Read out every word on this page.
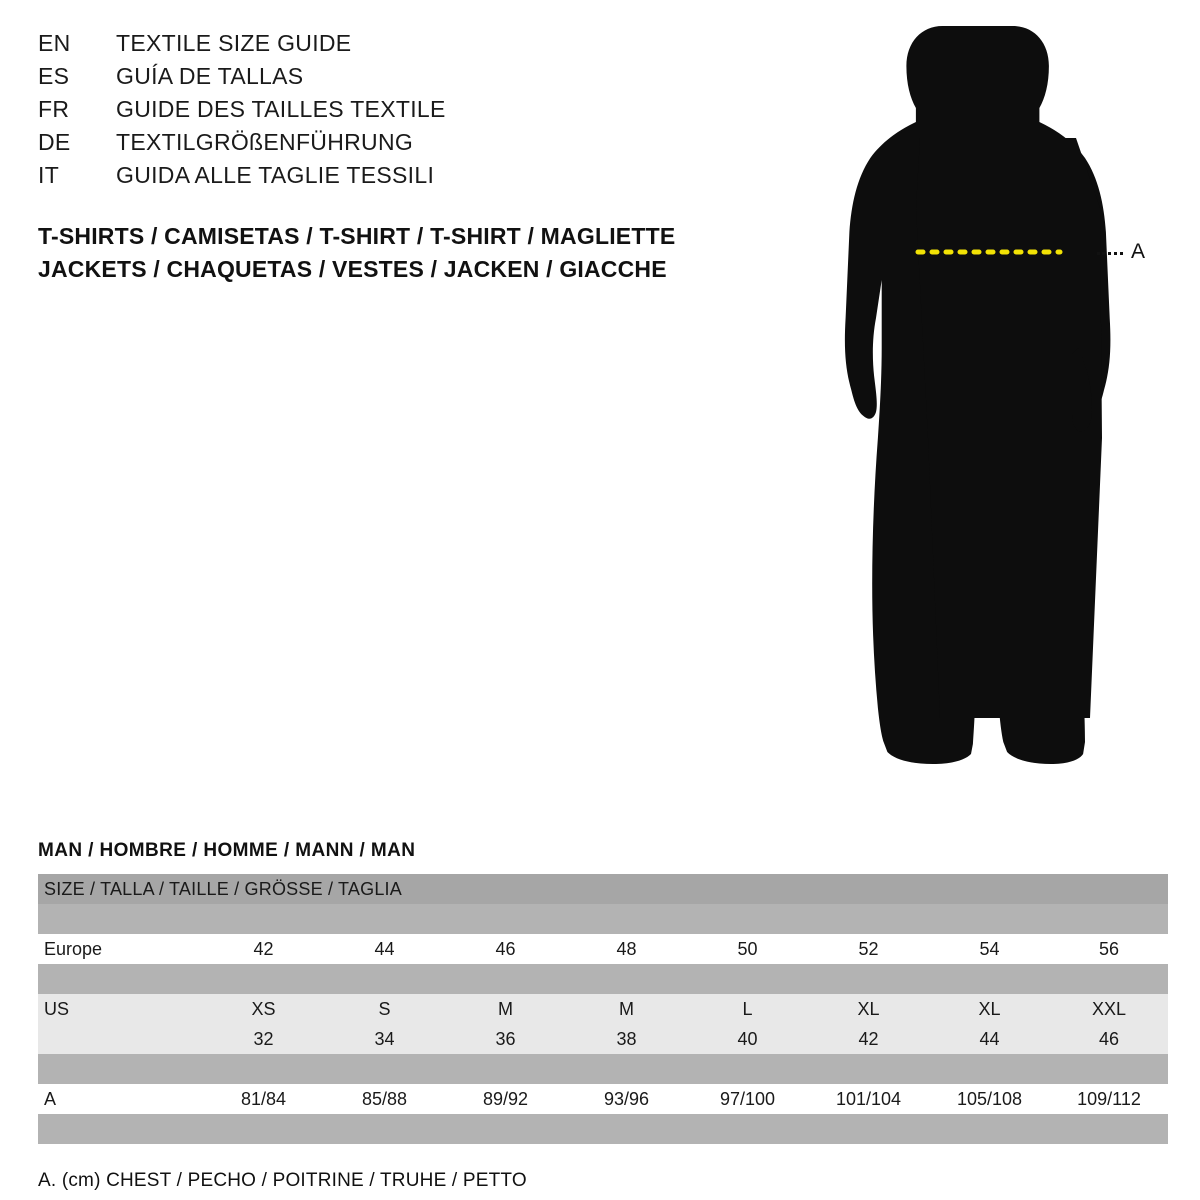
EN	TEXTILE SIZE GUIDE
ES	GUÍA DE TALLAS
FR	GUIDE DES TAILLES TEXTILE
DE	TEXTILGRÖßENFÜHRUNG
IT	GUIDA ALLE TAGLIE TESSILI
T-SHIRTS / CAMISETAS / T-SHIRT / T-SHIRT / MAGLIETTE
JACKETS / CHAQUETAS / VESTES / JACKEN / GIACCHE
A
MAN / HOMBRE / HOMME / MANN / MAN
SIZE / TALLA / TAILLE / GRÖSSE / TAGLIA								

Europe	42	44	46	48	50	52	54	56

US	XS	S	M	M	L	XL	XL	XXL
	32	34	36	38	40	42	44	46

A	81/84	85/88	89/92	93/96	97/100	101/104	105/108	109/112

A. (cm) CHEST / PECHO / POITRINE / TRUHE / PETTO
